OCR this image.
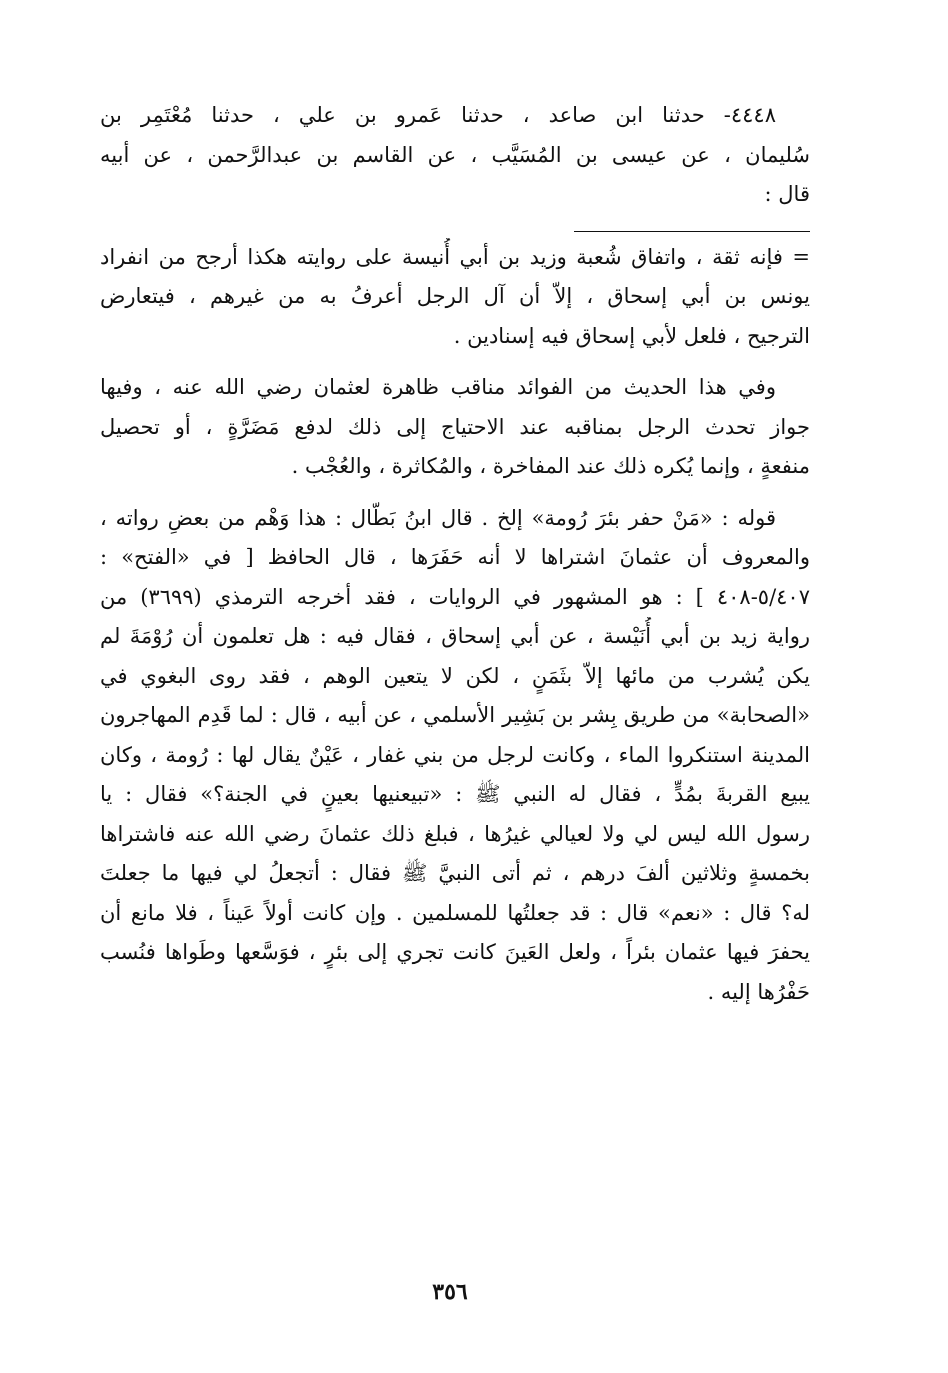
٤٤٤٨- حدثنا ابن صاعد ، حدثنا عَمرو بن علي ، حدثنا مُعْتَمِر بن
سُليمان ، عن عيسى بن المُسَيَّب ، عن القاسم بن عبدالرَّحمن ، عن أبيه
قال :
= فإنه ثقة ، واتفاق شُعبة وزيد بن أبي أُنيسة على روايته هكذا أرجح من انفراد
يونس بن أبي إسحاق ، إلاّ أن آل الرجل أعرفُ به من غيرهم ، فيتعارض
الترجيح ، فلعل لأبي إسحاق فيه إسنادين .
وفي هذا الحديث من الفوائد مناقب ظاهرة لعثمان رضي الله عنه ، وفيها
جواز تحدث الرجل بمناقبه عند الاحتياج إلى ذلك لدفع مَضَرَّةٍ ، أو تحصيل
منفعةٍ ، وإنما يُكره ذلك عند المفاخرة ، والمُكاثرة ، والعُجْب .
قوله : «مَنْ حفر بئرَ رُومة» إلخ . قال ابنُ بَطّال : هذا وَهْم من بعضِ رواته ،
والمعروف أن عثمانَ اشتراها لا أنه حَفَرَها ، قال الحافظ [ في «الفتح» :
٥/٤٠٧-٤٠٨ ] : هو المشهور في الروايات ، فقد أخرجه الترمذي (٣٦٩٩) من
رواية زيد بن أبي أُنَيْسة ، عن أبي إسحاق ، فقال فيه : هل تعلمون أن رُوْمَةَ لم
يكن يُشرب من مائها إلاّ بثَمَنٍ ، لكن لا يتعين الوهم ، فقد روى البغوي في
«الصحابة» من طريق بِشر بن بَشِير الأسلمي ، عن أبيه ، قال : لما قَدِم المهاجرون
المدينة استنكروا الماء ، وكانت لرجل من بني غفار ، عَيْنٌ يقال لها : رُومة ، وكان
يبيع القربةَ بمُدٍّ ، فقال له النبي ﷺ : «تبيعنيها بعينٍ في الجنة؟» فقال : يا
رسول الله ليس لي ولا لعيالي غيرُها ، فبلغ ذلك عثمانَ رضي الله عنه فاشتراها
بخمسةٍ وثلاثين ألفَ درهم ، ثم أتى النبيَّ ﷺ فقال : أتجعلُ لي فيها ما جعلتَ
له؟ قال : «نعم» قال : قد جعلتُها للمسلمين . وإن كانت أولاً عَيناً ، فلا مانع أن
يحفرَ فيها عثمان بئراً ، ولعل العَينَ كانت تجري إلى بئرٍ ، فوَسَّعها وطَواها فنُسب
حَفْرُها إليه .
٣٥٦
